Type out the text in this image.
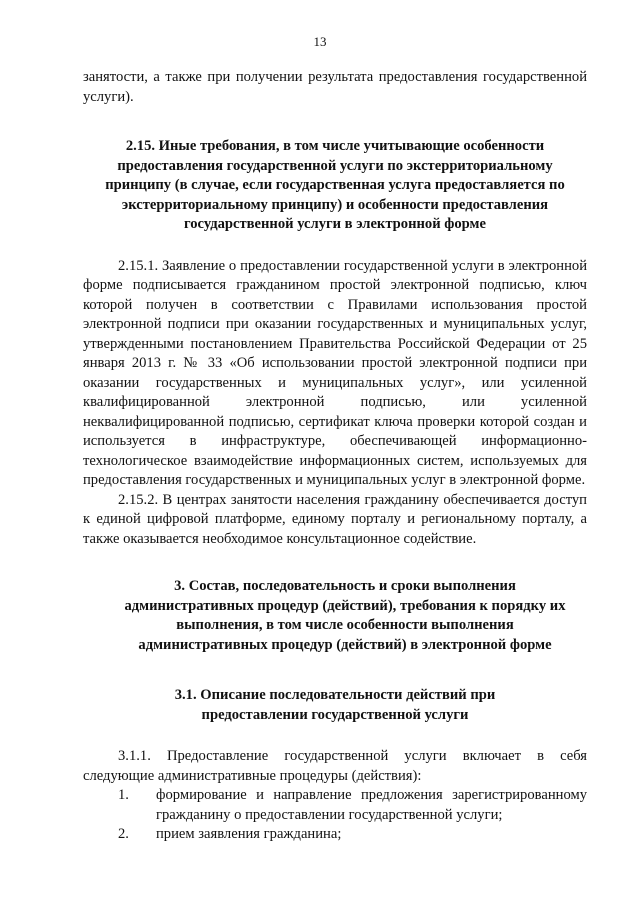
13

занятости, а также при получении результата предоставления государственной услуги).

2.15. Иные требования, в том числе учитывающие особенности предоставления государственной услуги по экстерриториальному принципу (в случае, если государственная услуга предоставляется по экстерриториальному принципу) и особенности предоставления государственной услуги в электронной форме

2.15.1. Заявление о предоставлении государственной услуги в электронной форме подписывается гражданином простой электронной подписью, ключ которой получен в соответствии с Правилами использования простой электронной подписи при оказании государственных и муниципальных услуг, утвержденными постановлением Правительства Российской Федерации от 25 января 2013 г. № 33 «Об использовании простой электронной подписи при оказании государственных и муниципальных услуг», или усиленной квалифицированной электронной подписью, или усиленной неквалифицированной подписью, сертификат ключа проверки которой создан и используется в инфраструктуре, обеспечивающей информационно-технологическое взаимодействие информационных систем, используемых для предоставления государственных и муниципальных услуг в электронной форме.

2.15.2. В центрах занятости населения гражданину обеспечивается доступ к единой цифровой платформе, единому порталу и региональному порталу, а также оказывается необходимое консультационное содействие.

3. Состав, последовательность и сроки выполнения административных процедур (действий), требования к порядку их выполнения, в том числе особенности выполнения административных процедур (действий) в электронной форме

3.1. Описание последовательности действий при предоставлении государственной услуги

3.1.1. Предоставление государственной услуги включает в себя следующие административные процедуры (действия):

1.	формирование и направление предложения зарегистрированному гражданину о предоставлении государственной услуги;
2.	прием заявления гражданина;
